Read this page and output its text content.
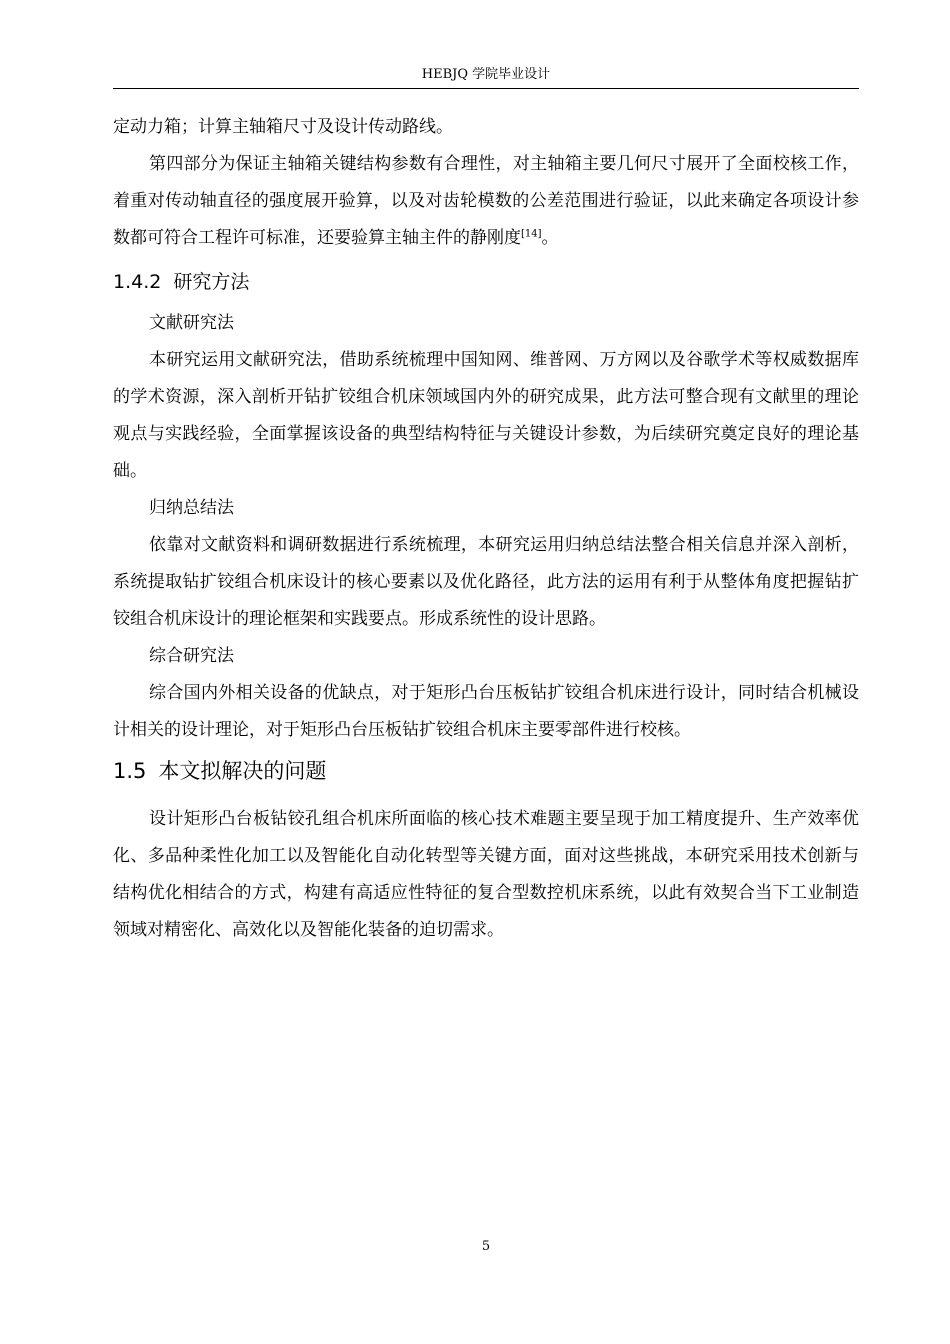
HEBJQ 学院毕业设计

定动力箱；计算主轴箱尺寸及设计传动路线。

第四部分为保证主轴箱关键结构参数有合理性，对主轴箱主要几何尺寸展开了全面校核工作，着重对传动轴直径的强度展开验算，以及对齿轮模数的公差范围进行验证，以此来确定各项设计参数都可符合工程许可标准，还要验算主轴主件的静刚度[14]。

1.4.2 研究方法

文献研究法

本研究运用文献研究法，借助系统梳理中国知网、维普网、万方网以及谷歌学术等权威数据库的学术资源，深入剖析开钻扩铰组合机床领域国内外的研究成果，此方法可整合现有文献里的理论观点与实践经验，全面掌握该设备的典型结构特征与关键设计参数，为后续研究奠定良好的理论基础。

归纳总结法

依靠对文献资料和调研数据进行系统梳理，本研究运用归纳总结法整合相关信息并深入剖析，系统提取钻扩铰组合机床设计的核心要素以及优化路径，此方法的运用有利于从整体角度把握钻扩铰组合机床设计的理论框架和实践要点。形成系统性的设计思路。

综合研究法

综合国内外相关设备的优缺点，对于矩形凸台压板钻扩铰组合机床进行设计，同时结合机械设计相关的设计理论，对于矩形凸台压板钻扩铰组合机床主要零部件进行校核。

1.5 本文拟解决的问题

设计矩形凸台板钻铰孔组合机床所面临的核心技术难题主要呈现于加工精度提升、生产效率优化、多品种柔性化加工以及智能化自动化转型等关键方面，面对这些挑战，本研究采用技术创新与结构优化相结合的方式，构建有高适应性特征的复合型数控机床系统，以此有效契合当下工业制造领域对精密化、高效化以及智能化装备的迫切需求。

5
